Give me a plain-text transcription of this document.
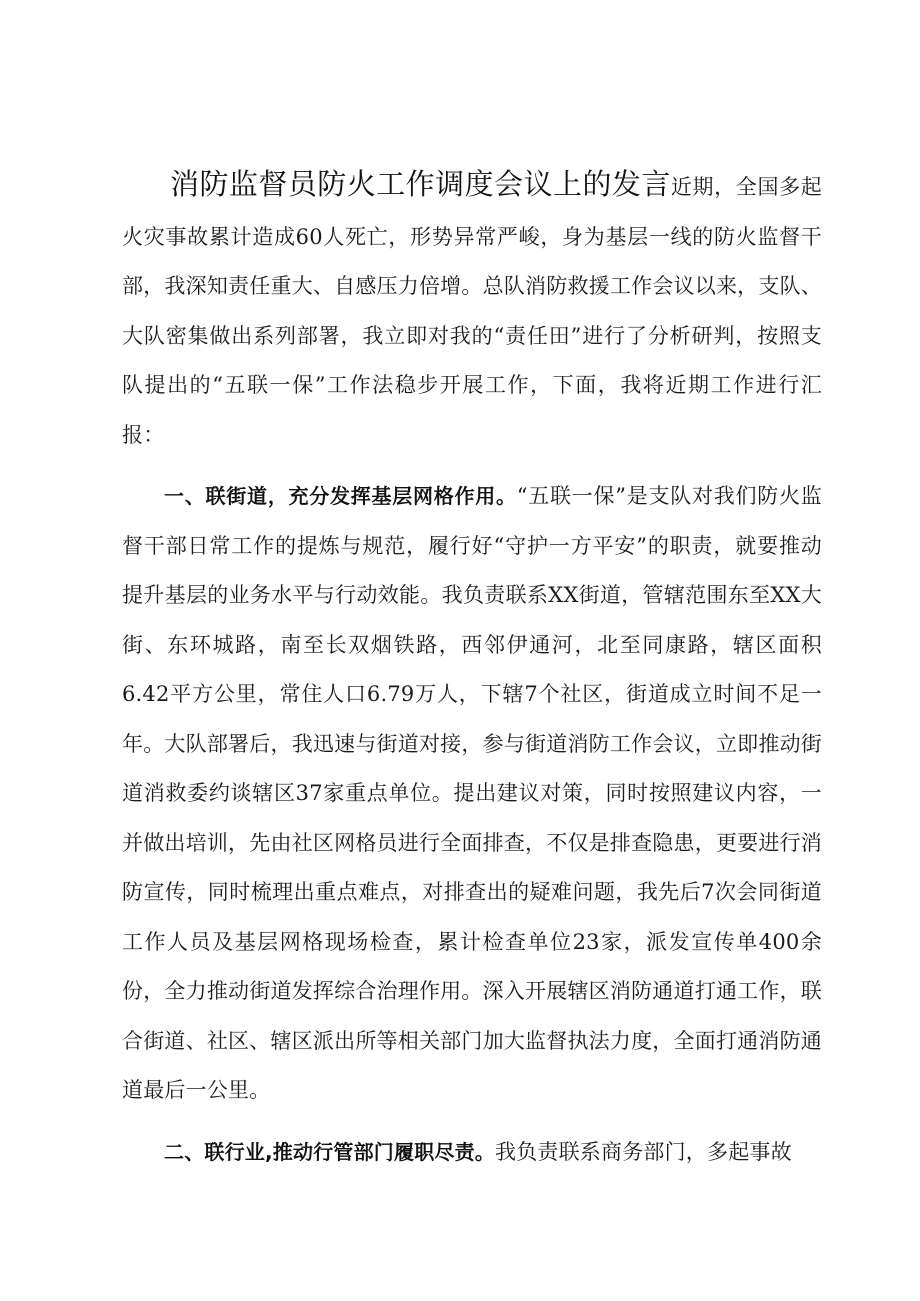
消防监督员防火工作调度会议上的发言近期，全国多起火灾事故累计造成60人死亡，形势异常严峻，身为基层一线的防火监督干部，我深知责任重大、自感压力倍增。总队消防救援工作会议以来，支队、大队密集做出系列部署，我立即对我的“责任田”进行了分析研判，按照支队提出的“五联一保”工作法稳步开展工作，下面，我将近期工作进行汇报：

一、联街道，充分发挥基层网格作用。“五联一保”是支队对我们防火监督干部日常工作的提炼与规范，履行好“守护一方平安”的职责，就要推动提升基层的业务水平与行动效能。我负责联系XX街道，管辖范围东至XX大街、东环城路，南至长双烟铁路，西邻伊通河，北至同康路，辖区面积6.42平方公里，常住人口6.79万人，下辖7个社区，街道成立时间不足一年。大队部署后，我迅速与街道对接，参与街道消防工作会议，立即推动街道消救委约谈辖区37家重点单位。提出建议对策，同时按照建议内容，一并做出培训，先由社区网格员进行全面排查，不仅是排查隐患，更要进行消防宣传，同时梳理出重点难点，对排查出的疑难问题，我先后7次会同街道工作人员及基层网格现场检查，累计检查单位23家，派发宣传单400余份，全力推动街道发挥综合治理作用。深入开展辖区消防通道打通工作，联合街道、社区、辖区派出所等相关部门加大监督执法力度，全面打通消防通道最后一公里。

二、联行业,推动行管部门履职尽责。我负责联系商务部门，多起事故
